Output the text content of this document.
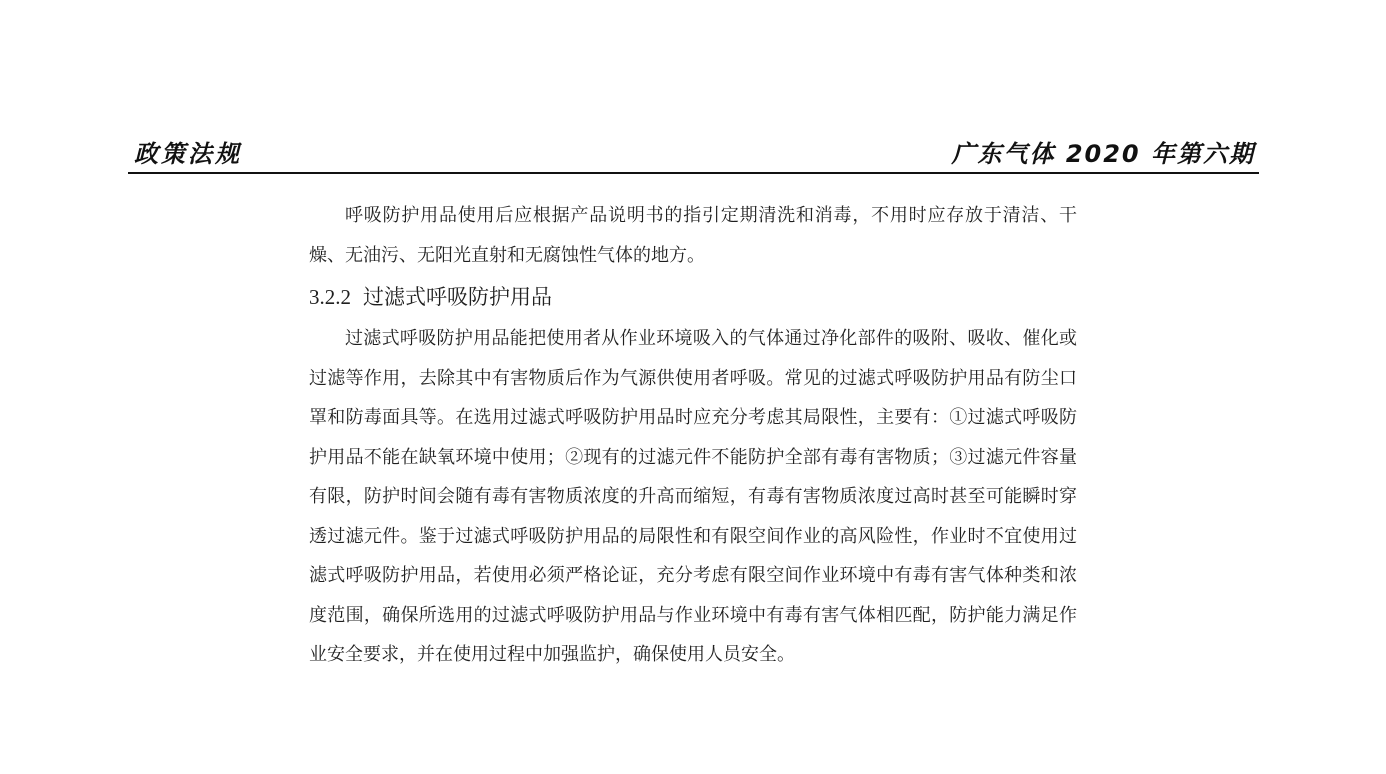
政策法规	广东气体 2020 年第六期

呼吸防护用品使用后应根据产品说明书的指引定期清洗和消毒，不用时应存放于清洁、干燥、无油污、无阳光直射和无腐蚀性气体的地方。

3.2.2 过滤式呼吸防护用品

过滤式呼吸防护用品能把使用者从作业环境吸入的气体通过净化部件的吸附、吸收、催化或过滤等作用，去除其中有害物质后作为气源供使用者呼吸。常见的过滤式呼吸防护用品有防尘口罩和防毒面具等。在选用过滤式呼吸防护用品时应充分考虑其局限性，主要有：①过滤式呼吸防护用品不能在缺氧环境中使用；②现有的过滤元件不能防护全部有毒有害物质；③过滤元件容量有限，防护时间会随有毒有害物质浓度的升高而缩短，有毒有害物质浓度过高时甚至可能瞬时穿透过滤元件。鉴于过滤式呼吸防护用品的局限性和有限空间作业的高风险性，作业时不宜使用过滤式呼吸防护用品，若使用必须严格论证，充分考虑有限空间作业环境中有毒有害气体种类和浓度范围，确保所选用的过滤式呼吸防护用品与作业环境中有毒有害气体相匹配，防护能力满足作业安全要求，并在使用过程中加强监护，确保使用人员安全。
